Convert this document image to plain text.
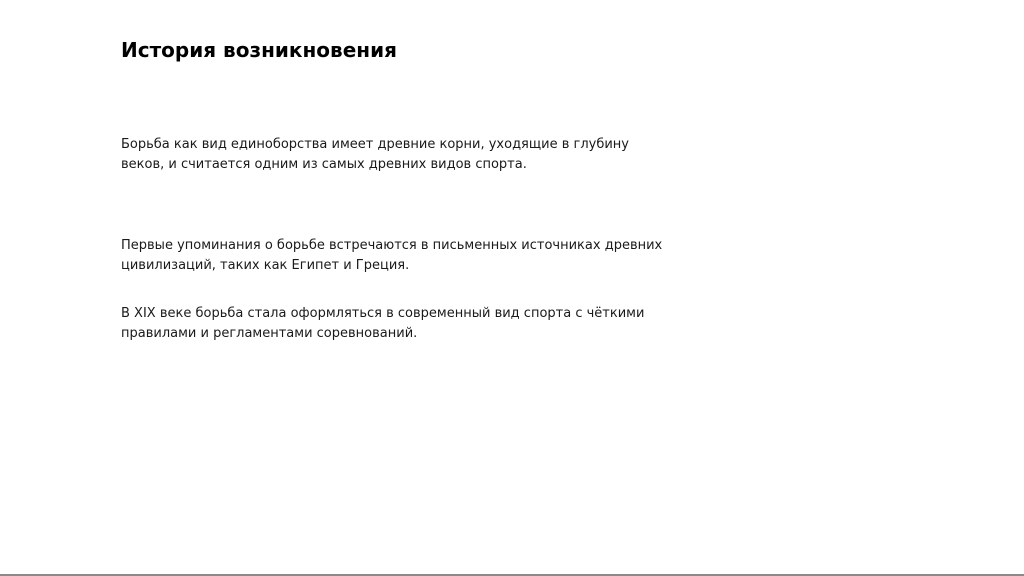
История возникновения

Борьба как вид единоборства имеет древние корни, уходящие в глубину
веков, и считается одним из самых древних видов спорта.

Первые упоминания о борьбе встречаются в письменных источниках древних
цивилизаций, таких как Египет и Греция.

В XIX веке борьба стала оформляться в современный вид спорта с чёткими
правилами и регламентами соревнований.
